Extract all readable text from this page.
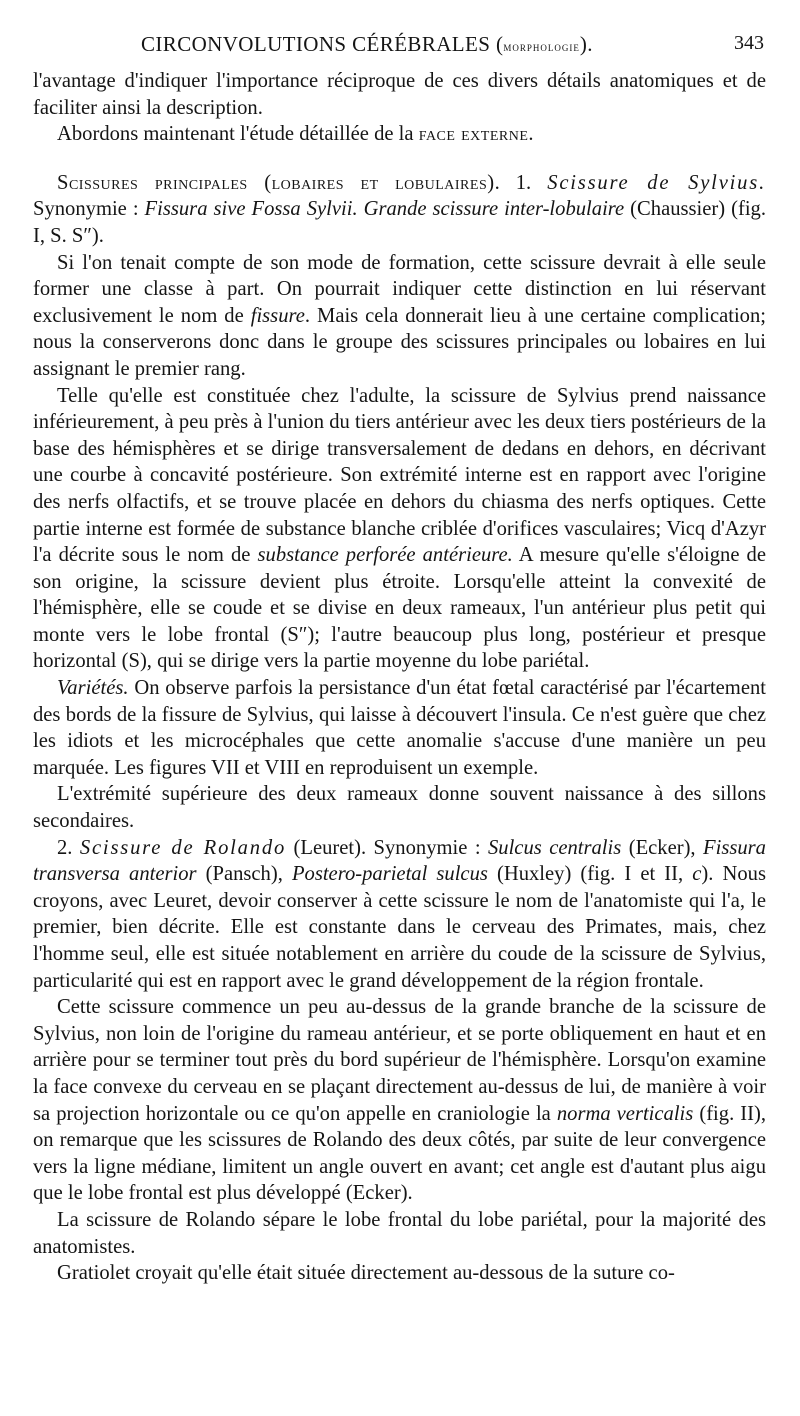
CIRCONVOLUTIONS CÉRÉBRALES (morphologie).	343

l'avantage d'indiquer l'importance réciproque de ces divers détails anatomiques et de faciliter ainsi la description.

Abordons maintenant l'étude détaillée de la face externe.

Scissures principales (lobaires et lobulaires). 1. Scissure de Sylvius. Synonymie : Fissura sive Fossa Sylvii. Grande scissure inter-lobulaire (Chaussier) (fig. I, S. S″).

Si l'on tenait compte de son mode de formation, cette scissure devrait à elle seule former une classe à part. On pourrait indiquer cette distinction en lui réservant exclusivement le nom de fissure. Mais cela donnerait lieu à une certaine complication; nous la conserverons donc dans le groupe des scissures principales ou lobaires en lui assignant le premier rang.

Telle qu'elle est constituée chez l'adulte, la scissure de Sylvius prend naissance inférieurement, à peu près à l'union du tiers antérieur avec les deux tiers postérieurs de la base des hémisphères et se dirige transversalement de dedans en dehors, en décrivant une courbe à concavité postérieure. Son extrémité interne est en rapport avec l'origine des nerfs olfactifs, et se trouve placée en dehors du chiasma des nerfs optiques. Cette partie interne est formée de substance blanche criblée d'orifices vasculaires; Vicq d'Azyr l'a décrite sous le nom de substance perforée antérieure. A mesure qu'elle s'éloigne de son origine, la scissure devient plus étroite. Lorsqu'elle atteint la convexité de l'hémisphère, elle se coude et se divise en deux rameaux, l'un antérieur plus petit qui monte vers le lobe frontal (S″); l'autre beaucoup plus long, postérieur et presque horizontal (S), qui se dirige vers la partie moyenne du lobe pariétal.

Variétés. On observe parfois la persistance d'un état fœtal caractérisé par l'écartement des bords de la fissure de Sylvius, qui laisse à découvert l'insula. Ce n'est guère que chez les idiots et les microcéphales que cette anomalie s'accuse d'une manière un peu marquée. Les figures VII et VIII en reproduisent un exemple.

L'extrémité supérieure des deux rameaux donne souvent naissance à des sillons secondaires.

2. Scissure de Rolando (Leuret). Synonymie : Sulcus centralis (Ecker), Fissura transversa anterior (Pansch), Postero-parietal sulcus (Huxley) (fig. I et II, c). Nous croyons, avec Leuret, devoir conserver à cette scissure le nom de l'anatomiste qui l'a, le premier, bien décrite. Elle est constante dans le cerveau des Primates, mais, chez l'homme seul, elle est située notablement en arrière du coude de la scissure de Sylvius, particularité qui est en rapport avec le grand développement de la région frontale.

Cette scissure commence un peu au-dessus de la grande branche de la scissure de Sylvius, non loin de l'origine du rameau antérieur, et se porte obliquement en haut et en arrière pour se terminer tout près du bord supérieur de l'hémisphère. Lorsqu'on examine la face convexe du cerveau en se plaçant directement au-dessus de lui, de manière à voir sa projection horizontale ou ce qu'on appelle en craniologie la norma verticalis (fig. II), on remarque que les scissures de Rolando des deux côtés, par suite de leur convergence vers la ligne médiane, limitent un angle ouvert en avant; cet angle est d'autant plus aigu que le lobe frontal est plus développé (Ecker).

La scissure de Rolando sépare le lobe frontal du lobe pariétal, pour la majorité des anatomistes.

Gratiolet croyait qu'elle était située directement au-dessous de la suture co-
